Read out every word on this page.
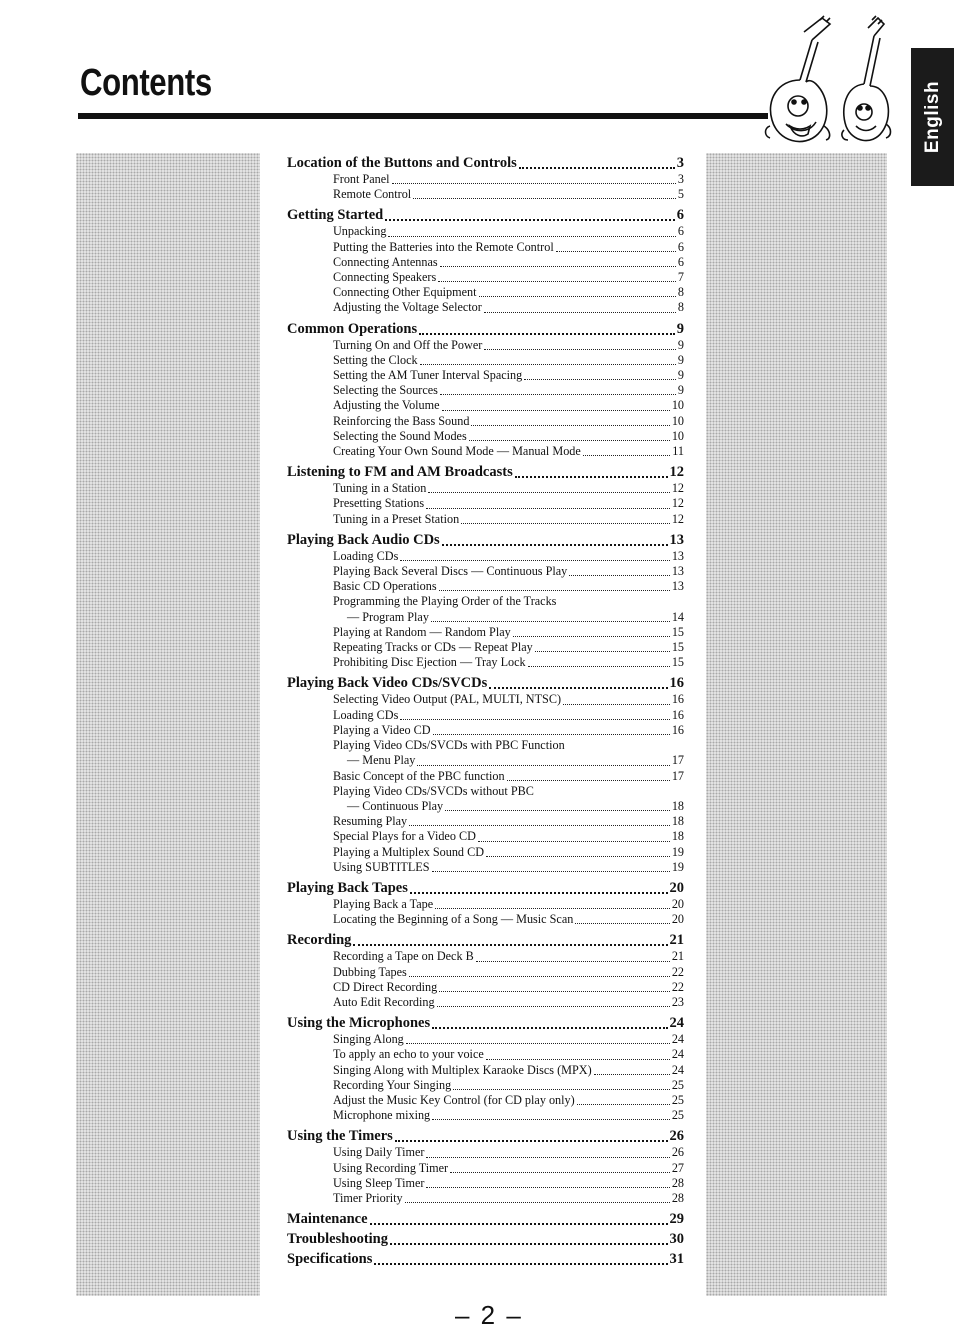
Contents	English
Location of the Buttons and Controls	3
Front Panel	3
Remote Control	5
Getting Started	6
Unpacking	6
Putting the Batteries into the Remote Control	6
Connecting Antennas	6
Connecting Speakers	7
Connecting Other Equipment	8
Adjusting the Voltage Selector	8
Common Operations	9
Turning On and Off the Power	9
Setting the Clock	9
Setting the AM Tuner Interval Spacing	9
Selecting the Sources	9
Adjusting the Volume	10
Reinforcing the Bass Sound	10
Selecting the Sound Modes	10
Creating Your Own Sound Mode — Manual Mode	11
Listening to FM and AM Broadcasts	12
Tuning in a Station	12
Presetting Stations	12
Tuning in a Preset Station	12
Playing Back Audio CDs	13
Loading CDs	13
Playing Back Several Discs — Continuous Play	13
Basic CD Operations	13
Programming the Playing Order of the Tracks
— Program Play	14
Playing at Random — Random Play	15
Repeating Tracks or CDs — Repeat Play	15
Prohibiting Disc Ejection — Tray Lock	15
Playing Back Video CDs/SVCDs	16
Selecting Video Output (PAL, MULTI, NTSC)	16
Loading CDs	16
Playing a Video CD	16
Playing Video CDs/SVCDs with PBC Function
— Menu Play	17
Basic Concept of the PBC function	17
Playing Video CDs/SVCDs without PBC
— Continuous Play	18
Resuming Play	18
Special Plays for a Video CD	18
Playing a Multiplex Sound CD	19
Using SUBTITLES	19
Playing Back Tapes	20
Playing Back a Tape	20
Locating the Beginning of a Song — Music Scan	20
Recording	21
Recording a Tape on Deck B	21
Dubbing Tapes	22
CD Direct Recording	22
Auto Edit Recording	23
Using the Microphones	24
Singing Along	24
To apply an echo to your voice	24
Singing Along with Multiplex Karaoke Discs (MPX)	24
Recording Your Singing	25
Adjust the Music Key Control (for CD play only)	25
Microphone mixing	25
Using the Timers	26
Using Daily Timer	26
Using Recording Timer	27
Using Sleep Timer	28
Timer Priority	28
Maintenance	29
Troubleshooting	30
Specifications	31
– 2 –
